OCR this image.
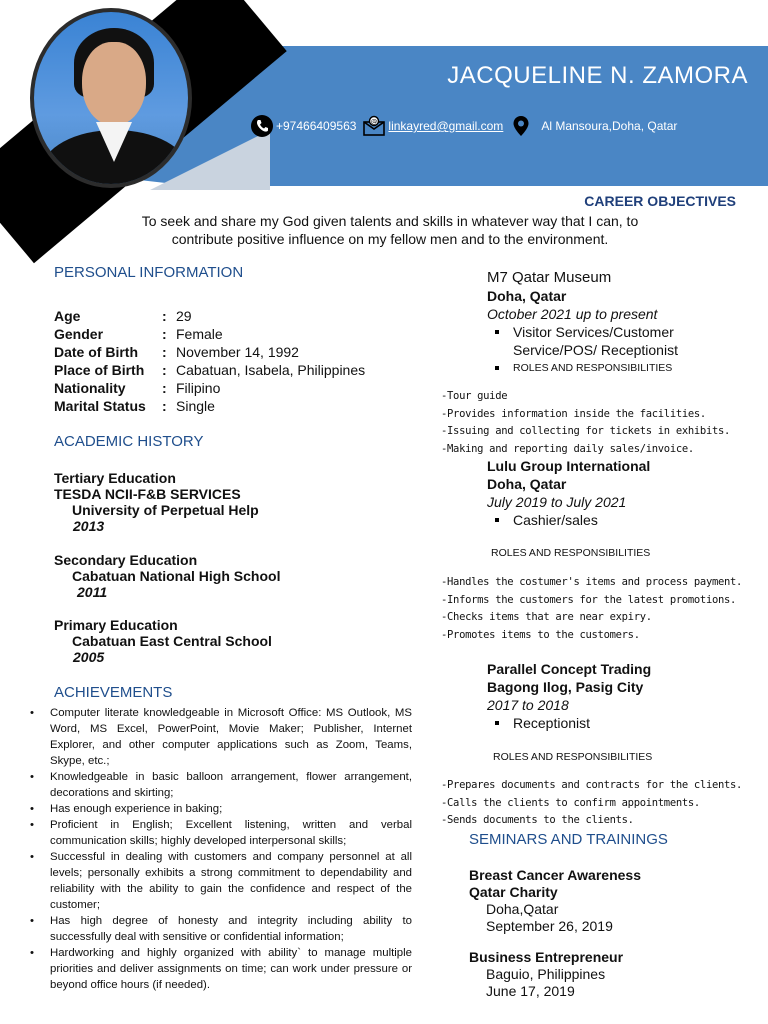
JACQUELINE N. ZAMORA
+97466409563 @ linkayred@gmail.com	Al Mansoura,Doha, Qatar
CAREER OBJECTIVES
To seek and share my God given talents and skills in whatever way that I can, to contribute positive influence on my fellow men and to the environment.
PERSONAL INFORMATION
Age	: 29
Gender	: Female
Date of Birth	: November 14, 1992
Place of Birth	: Cabatuan, Isabela, Philippines
Nationality	: Filipino
Marital Status	: Single
ACADEMIC HISTORY
Tertiary Education
TESDA NCII-F&B SERVICES
University of Perpetual Help
2013
Secondary Education
Cabatuan National High School
2011
Primary Education
Cabatuan East Central School
2005
ACHIEVEMENTS
• Computer literate knowledgeable in Microsoft Office: MS Outlook, MS Word, MS Excel, PowerPoint, Movie Maker; Publisher, Internet Explorer, and other computer applications such as Zoom, Teams, Skype, etc.;
• Knowledgeable in basic balloon arrangement, flower arrangement, decorations and skirting;
• Has enough experience in baking;
• Proficient in English; Excellent listening, written and verbal communication skills; highly developed interpersonal skills;
• Successful in dealing with customers and company personnel at all levels; personally exhibits a strong commitment to dependability and reliability with the ability to gain the confidence and respect of the customer;
• Has high degree of honesty and integrity including ability to successfully deal with sensitive or confidential information;
• Hardworking and highly organized with ability` to manage multiple priorities and deliver assignments on time; can work under pressure or beyond office hours (if needed).
M7 Qatar Museum
Doha, Qatar
October 2021 up to present
Visitor Services/Customer Service/POS/ Receptionist
ROLES AND RESPONSIBILITIES
-Tour guide
-Provides information inside the facilities.
-Issuing and collecting for tickets in exhibits.
-Making and reporting daily sales/invoice.
Lulu Group International
Doha, Qatar
July 2019 to July 2021
Cashier/sales
ROLES AND RESPONSIBILITIES
-Handles the costumer's items and process payment.
-Informs the customers for the latest promotions.
-Checks items that are near expiry.
-Promotes items to the customers.
Parallel Concept Trading
Bagong Ilog, Pasig City
2017 to 2018
Receptionist
ROLES AND RESPONSIBILITIES
-Prepares documents and contracts for the clients.
-Calls the clients to confirm appointments.
-Sends documents to the clients.
SEMINARS AND TRAININGS
Breast Cancer Awareness
Qatar Charity
Doha,Qatar
September 26, 2019
Business Entrepreneur
Baguio, Philippines
June 17, 2019
